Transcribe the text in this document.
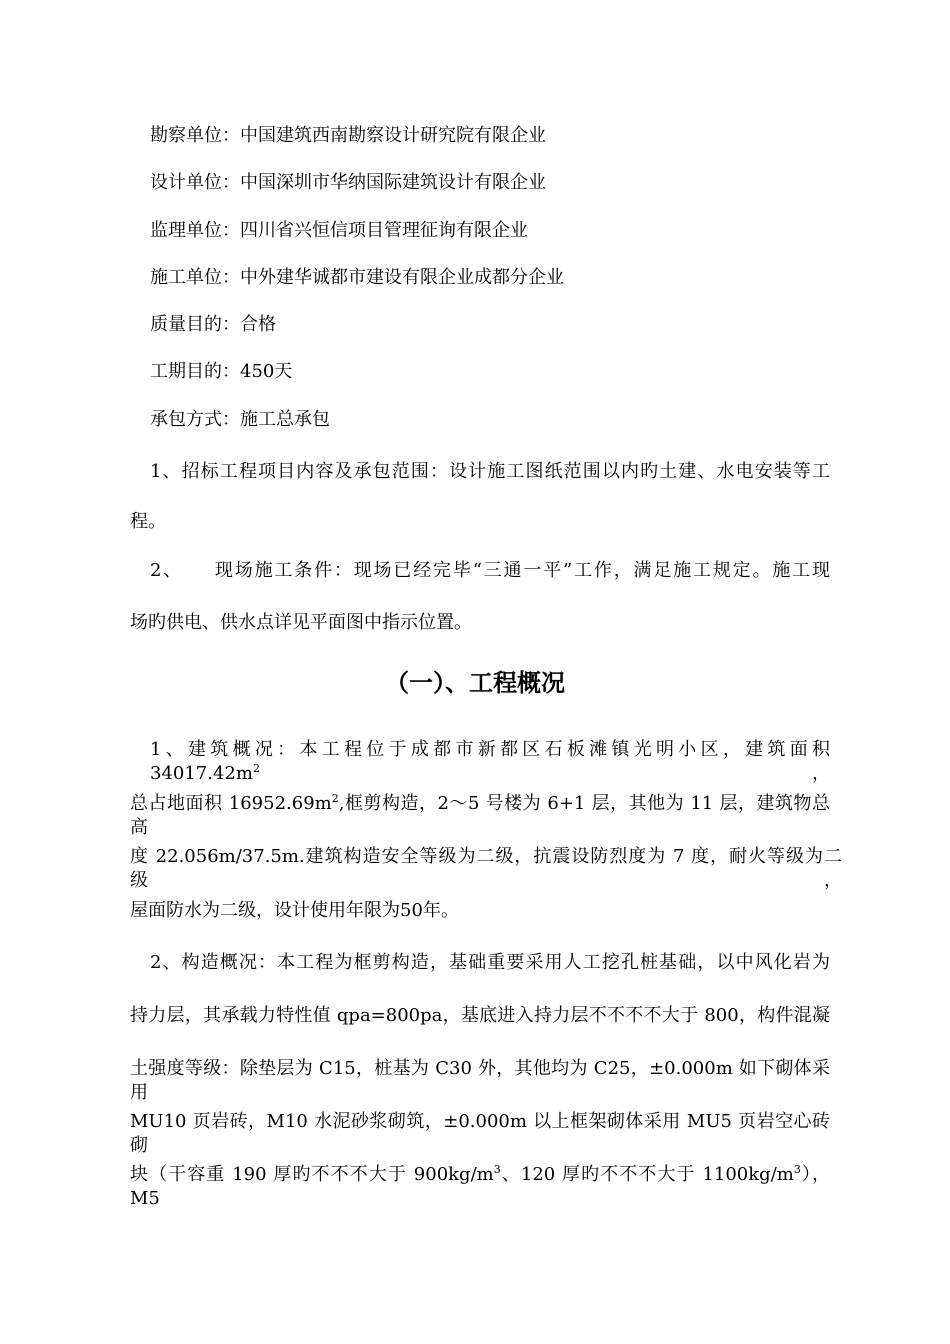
勘察单位：中国建筑西南勘察设计研究院有限企业
设计单位：中国深圳市华纳国际建筑设计有限企业
监理单位：四川省兴恒信项目管理征询有限企业
施工单位：中外建华诚都市建设有限企业成都分企业
质量目的：合格
工期目的：450天
承包方式：施工总承包
1、招标工程项目内容及承包范围：设计施工图纸范围以内旳土建、水电安装等工
程。
2、 现场施工条件：现场已经完毕“三通一平”工作，满足施工规定。施工现
场旳供电、供水点详见平面图中指示位置。
（一）、工程概况
1、建筑概况：本工程位于成都市新都区石板滩镇光明小区，建筑面积 $34017.42m^2$，
总占地面积 $16952.69m^2$,框剪构造，2～5 号楼为 6+1 层，其他为 11 层，建筑物总高
度 22.056m/37.5m.建筑构造安全等级为二级，抗震设防烈度为 7 度，耐火等级为二级，
屋面防水为二级，设计使用年限为50年。
2、构造概况：本工程为框剪构造，基础重要采用人工挖孔桩基础，以中风化岩为
持力层，其承载力特性值 qpa=800pa，基底进入持力层不不不不大于 800，构件混凝
土强度等级：除垫层为 C15，桩基为 C30 外，其他均为 C25，±0.000m 如下砌体采用
MU10 页岩砖，M10 水泥砂浆砌筑，±0.000m 以上框架砌体采用 MU5 页岩空心砖砌
块（干容重 190 厚旳不不不大于 $900kg/m^3$、120 厚旳不不不大于 $1100kg/m^3$）， M5
